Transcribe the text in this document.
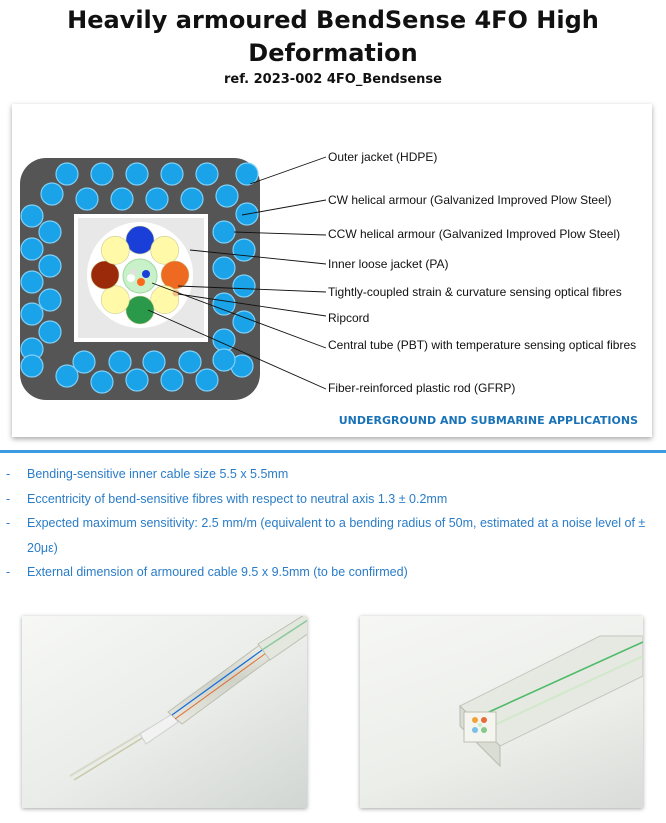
Heavily armoured BendSense 4FO High
Deformation
ref. 2023-002 4FO_Bendsense
Outer jacket (HDPE)
CW helical armour (Galvanized Improved Plow Steel)
CCW helical armour (Galvanized Improved Plow Steel)
Inner loose jacket (PA)
Tightly-coupled strain & curvature sensing optical fibres
Ripcord
Central tube (PBT) with temperature sensing optical fibres
Fiber-reinforced plastic rod (GFRP)
UNDERGROUND AND SUBMARINE APPLICATIONS
- Bending-sensitive inner cable size 5.5 x 5.5mm
- Eccentricity of bend-sensitive fibres with respect to neutral axis 1.3 ± 0.2mm
- Expected maximum sensitivity: 2.5 mm/m (equivalent to a bending radius of 50m, estimated at a noise level of ± 20με)
- External dimension of armoured cable 9.5 x 9.5mm (to be confirmed)
